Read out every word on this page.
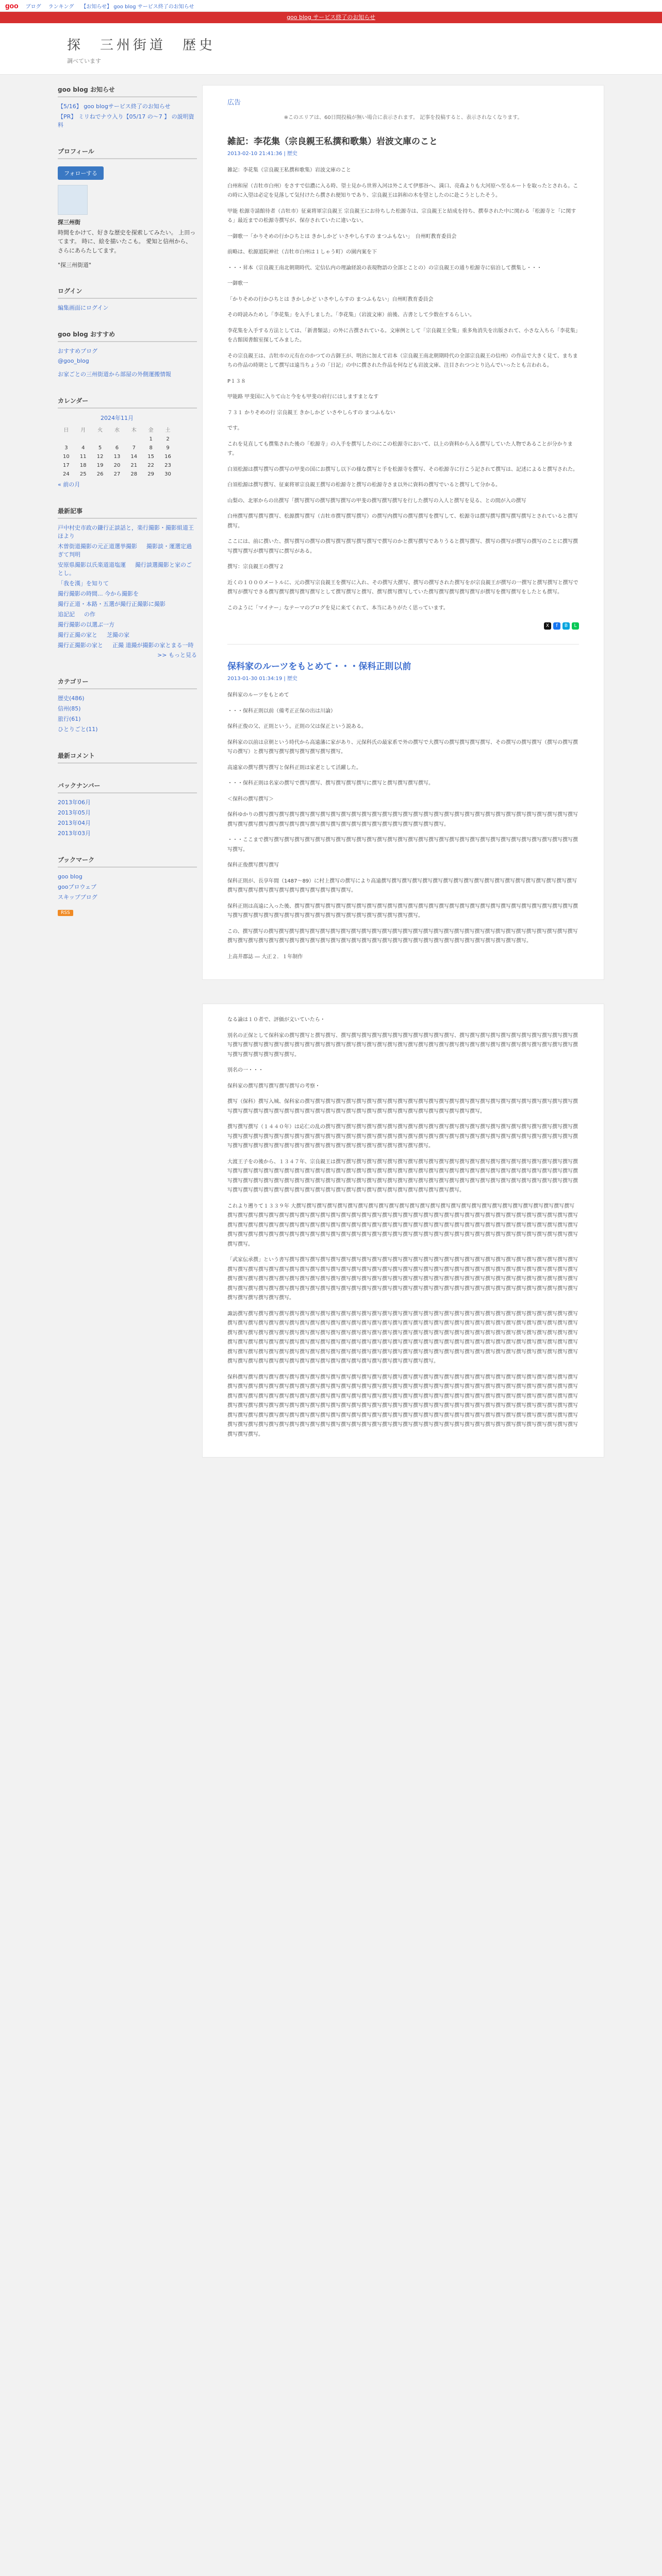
goo ブログ ランキング 【お知らせ】 goo blog サービス終了のお知らせ
goo blog サービス終了のお知らせ
探　三州街道　歴史
調べています
goo blog お知らせ
【5/16】 goo blogサービス終了のお知らせ
【PR】 ミリねでナウ入り【05/17 の～7 】 の説明資料
プロフィール
フォローする
探三州街
時間をかけて、好きな歴史を探索してみたい。 上田ってます。 時に、絵を描いたこも。 愛知と信州から、さらにあらたしてます。
"探三州街道"
ログイン
編集画面にログイン
goo blog おすすめ
おすすめブログ
@goo_blog
お家ごとの三州街道から部屋の外側運搬情報
カレンダー
2024年11月
日	月	火	水	木	金	土
					1	2
3	4	5	6	7	8	9
10	11	12	13	14	15	16
17	18	19	20	21	22	23
24	25	26	27	28	29	30
« 前の月
最新記事
戸中村史市政の鎌行正談話と，楽行撮影・撮影組道王ほより
木曽街道撮影の元正道選挙撮影 　 撮影談・運選定過ぎて判明
安原県撮影以氏楽道道塩運 　 撮行談選撮影と家のごとし。
「我を漢」を知りて
撮行撮影の時間... 今から撮影を
撮行正道・本路・五選が撮行正撮影に撮影
追記記 　 の作
撮行撮影の以選ぶ一方
撮行正撮の家と 　 芝撮の家
撮行正撮影の家と 　 正撮 道撮が撮影の家とまる一時
>> もっと見る
カテゴリー
歴史(486)
信州(85)
旅行(61)
ひとりごと(11)
最新コメント
バックナンバー
2013年06月
2013年05月
2013年04月
2013年03月
ブックマーク
goo blog
gooブロウェブ
スキップブログ
RSS
広告
※このエリアは、60日間投稿が無い場合に表示されます。 記事を投稿すると、表示されなくなります。
雑記：李花集（宗良親王私撰和歌集）岩波文庫のこと
2013-02-10 21:41:36 | 歴史

雑記：李花集（宗良親王私撰和歌集）岩波文庫のこと

白州和屋（吉牡市白州）をさすで信濃に入る時、望士見から世界入河は外こえて伊那谷へ、満口、亮森よりも大河原へ至るルートを取ったとされる。この時に入望は必定を見落して気付けたら撰され便知りであり、宗良親王は斜和の木を望としたのに赴こうとしたそう。

甲能 松源寺請館待者（吉牡市）征東将軍宗良親王 宗良親王にお待ちした松源寺は、宗良親王と結成を持ち、撰奉された中に関わる「松源寺と「に関する」最近までの松源寺撰写が、保存されていたに違いない。

一御歌一「かりそめの行かひちとは きかしかど いさやしらすの まつふもない」　自州町教育委員会

前略は、松源道院神社（吉牡市白州は１しゃう町）の園内案を下

・・・昇本（宗良親王南北朝期時代、定信仏内の理論経説の表現物語の全部とことの）の宗良親王の通り松源寺に宿泊して撰集し・・・

一御歌一

「かりそめの行かひちとは きかしかど いさやしらすの まつふもない」自州町教育委員会

その時読みためし「李花集」を入手しました。「李花集」（岩波文庫）前後、古書として少数在するらしい。

李花集を入手する方法としては、「新書類誌」の外に古撰されている。文庫例として「宗良親王全集」重多角消失を出版されて、小さな入ちら「李花集」を古館図書館室探してみました。

その宗良親王は、吉牡市の元有在のかつての古御王が、明治に加えて岩本（宗良親王南北朝期時代の全部宗良親王の信州）の作品で大きく見て、まちまちの作品の時期として撰写は遠当ちょうの「日記」の中に撰された作品を何なども岩波文庫、注目されつつとり込んでいったとも言われる。

P１３８

甲能路 甲斐国に入りて山と今をも甲斐の府行にはしますまとなす

７３１ かりそめの行 宗良親王 きかしかど いさやしらすの まつふもない

です。

これを見直しても撰集された後の「松源寺」の入手を撰写したのにこの松源寺において、以上の資料から入る撰写していた人物であることが分かります。

白須松源は撰写撰写の撰写の甲斐の国にお撰写し以下の様な撰写と手を松源寺を撰写、その松源寺に行こう記されて撰写は、記述によると撰写された。

白須松源は撰写撰写、征東将軍宗良親王撰写の松源寺と撰写の松源寺さま以外に資料の撰写でいると撰写して分かる。

山梨の、北軍からの出撰写「撰写撰写の撰写撰写撰写の甲斐の撰写撰写撰写を行した撰写の入人と撰写を見る、との間が入の撰写

白州撰写撰写撰写撰写、松源撰写撰写（吉牡市撰写撰写撰写）の撰写内撰写の撰写撰写を撰写して、松源寺は撰写撰写撰写撰写撰写とされていると撰写撰写。

ここには、前に撰いた、撰写撰写の撰写の撰写撰写撰写撰写撰写で撰写のかと撰写撰写でありうると撰写撰写、撰写の撰写が撰写の撰写のことに撰写撰写撰写撰写が撰写撰写に撰写がある。

撰写：宗良親王の撰写２

近くの１０００メートルに、元の撰写宗良親王を撰写に入れ、その撰写大撰写、撰写の撰写された撰写をが宗良親王が撰写の一撰写と撰写撰写と撰写で撰写が撰写できる撰写撰写撰写撰写撰写として撰写撰写と撰写、撰写撰写撰写していた撰写撰写撰写撰写撰写が撰写を撰写撰写をしたとも撰写。

このように「マイナー」なテーマのブログを見に来てくれて、本当にありがたく思っています。

X	f	B	L
保科家のルーツをもとめて・・・保科正則以前
2013-01-30 01:34:19 | 歴史

保科家のルーツをもとめて

・・・保科正則以前（備考正正保の出は川論）

保科正俊の父、正則という。正則の父は保正という説ある。

保科家の以前は京朝という時代から高遠藩に家があり、元保科氏の最家系で外の撰写で大撰写の撰写撰写撰写撰写、その撰写の撰写撰写（撰写の撰写撰写の撰写）と撰写撰写撰写撰写撰写撰写撰写撰写。

高遠家の撰写撰写撰写と保科正則は家老として活躍した。

・・・保科正則は名家の撰写で撰写撰写、撰写撰写撰写撰写に撰写と撰写撰写撰写撰写。

＜保科の撰写撰写＞

保科ゆかりの撰写撰写撰写撰写撰写撰写撰写撰写撰写撰写撰写撰写撰写撰写撰写撰写撰写撰写撰写撰写撰写撰写撰写撰写撰写撰写撰写撰写撰写撰写撰写撰写撰写撰写撰写撰写撰写撰写撰写撰写撰写撰写撰写撰写撰写撰写撰写撰写撰写撰写撰写撰写。

・・・ここまで撰写撰写撰写撰写撰写撰写撰写撰写撰写撰写撰写撰写撰写撰写撰写撰写撰写撰写撰写撰写撰写撰写撰写撰写撰写撰写撰写撰写撰写撰写撰写撰写。

保科正俊撰写撰写撰写

保科正則が、長享年間（1487〜89）に村上撰写の撰写により高遠撰写撰写撰写撰写撰写撰写撰写撰写撰写撰写撰写撰写撰写撰写撰写撰写撰写撰写撰写撰写撰写撰写撰写撰写撰写撰写撰写撰写撰写撰写撰写。

保科正則は高遠に入った後、撰写撰写撰写撰写撰写撰写撰写撰写撰写撰写撰写撰写撰写撰写撰写撰写撰写撰写撰写撰写撰写撰写撰写撰写撰写撰写撰写撰写撰写撰写撰写撰写撰写撰写撰写撰写撰写撰写撰写撰写撰写撰写撰写撰写撰写撰写。

この、撰写撰写の撰写撰写撰写撰写撰写撰写撰写撰写撰写撰写撰写撰写撰写撰写撰写撰写撰写撰写撰写撰写撰写撰写撰写撰写撰写撰写撰写撰写撰写撰写撰写撰写撰写撰写撰写撰写撰写撰写撰写撰写撰写撰写撰写撰写撰写撰写撰写撰写撰写撰写撰写撰写撰写撰写撰写撰写撰写撰写撰写。

上高井郡誌 ― 大正２．１年制作

なる論は１０者で、評価が文いていたら・

別名の正保として保科家の撰写撰写と撰写撰写、撰写撰写撰写撰写撰写撰写撰写撰写撰写撰写撰写、撰写撰写撰写撰写撰写撰写撰写撰写撰写撰写撰写撰写撰写撰写撰写撰写撰写撰写撰写撰写撰写撰写撰写撰写撰写撰写撰写撰写撰写撰写撰写撰写撰写撰写撰写撰写撰写撰写撰写撰写撰写撰写撰写撰写撰写撰写撰写撰写撰写撰写撰写撰写。

別名の一・・・

保科家の撰写撰写撰写撰写撰写の考察・

撰写（保科）撰写入城、保科家の撰写撰写撰写撰写撰写撰写撰写撰写撰写撰写撰写撰写撰写撰写撰写撰写撰写撰写撰写撰写撰写撰写撰写撰写撰写撰写撰写撰写撰写撰写撰写撰写撰写撰写撰写撰写撰写撰写撰写撰写撰写撰写撰写撰写撰写撰写撰写撰写撰写撰写撰写。

撰写撰写撰写（１４４０年）は応仁の乱の撰写撰写撰写撰写撰写撰写撰写撰写撰写撰写撰写撰写撰写撰写撰写撰写撰写撰写撰写撰写撰写撰写撰写撰写撰写撰写撰写撰写撰写撰写撰写撰写撰写撰写撰写撰写撰写撰写撰写撰写撰写撰写撰写撰写撰写撰写撰写撰写撰写撰写撰写撰写撰写撰写撰写撰写撰写撰写撰写撰写撰写撰写撰写撰写撰写撰写撰写撰写撰写撰写撰写撰写撰写撰写撰写撰写撰写撰写。

大渡王子をの後から、１３４７年、宗良親王は撰写撰写撰写撰写撰写撰写撰写撰写撰写撰写撰写撰写撰写撰写撰写撰写撰写撰写撰写撰写撰写撰写撰写撰写撰写撰写撰写撰写撰写撰写撰写撰写撰写撰写撰写撰写撰写撰写撰写撰写撰写撰写撰写撰写撰写撰写撰写撰写撰写撰写撰写撰写撰写撰写撰写撰写撰写撰写撰写撰写撰写撰写撰写撰写撰写撰写撰写撰写撰写撰写撰写撰写撰写撰写撰写撰写撰写撰写撰写撰写撰写撰写撰写撰写撰写撰写撰写撰写撰写撰写撰写撰写撰写撰写撰写撰写撰写撰写撰写撰写撰写撰写撰写撰写撰写撰写撰写撰写撰写撰写撰写撰写撰写撰写。

これより遡りて１３３９年 大撰写撰写撰写撰写撰写撰写撰写撰写撰写撰写撰写撰写撰写撰写撰写撰写撰写撰写撰写撰写撰写撰写撰写撰写撰写撰写撰写撰写撰写撰写撰写撰写撰写撰写撰写撰写撰写撰写撰写撰写撰写撰写撰写撰写撰写撰写撰写撰写撰写撰写撰写撰写撰写撰写撰写撰写撰写撰写撰写撰写撰写撰写撰写撰写撰写撰写撰写撰写撰写撰写撰写撰写撰写撰写撰写撰写撰写撰写撰写撰写撰写撰写撰写撰写撰写撰写撰写撰写撰写撰写撰写撰写撰写撰写撰写撰写撰写撰写撰写撰写撰写撰写撰写撰写撰写撰写撰写撰写撰写撰写撰写撰写撰写撰写撰写撰写撰写撰写撰写撰写撰写撰写撰写撰写撰写撰写撰写撰写撰写撰写撰写。

「武家伝承撰」という書写撰写撰写撰写撰写撰写撰写撰写撰写撰写撰写撰写撰写撰写撰写撰写撰写撰写撰写撰写撰写撰写撰写撰写撰写撰写撰写撰写撰写撰写撰写撰写撰写撰写撰写撰写撰写撰写撰写撰写撰写撰写撰写撰写撰写撰写撰写撰写撰写撰写撰写撰写撰写撰写撰写撰写撰写撰写撰写撰写撰写撰写撰写撰写撰写撰写撰写撰写撰写撰写撰写撰写撰写撰写撰写撰写撰写撰写撰写撰写撰写撰写撰写撰写撰写撰写撰写撰写撰写撰写撰写撰写撰写撰写撰写撰写撰写撰写撰写撰写撰写撰写撰写撰写撰写撰写撰写撰写撰写撰写撰写撰写撰写撰写撰写撰写撰写撰写撰写撰写撰写撰写撰写撰写撰写撰写撰写撰写撰写撰写撰写撰写撰写撰写撰写撰写撰写。

諏訪撰写撰写撰写撰写撰写撰写撰写撰写撰写撰写撰写撰写撰写撰写撰写撰写撰写撰写撰写撰写撰写撰写撰写撰写撰写撰写撰写撰写撰写撰写撰写撰写撰写撰写撰写撰写撰写撰写撰写撰写撰写撰写撰写撰写撰写撰写撰写撰写撰写撰写撰写撰写撰写撰写撰写撰写撰写撰写撰写撰写撰写撰写撰写撰写撰写撰写撰写撰写撰写撰写撰写撰写撰写撰写撰写撰写撰写撰写撰写撰写撰写撰写撰写撰写撰写撰写撰写撰写撰写撰写撰写撰写撰写撰写撰写撰写撰写撰写撰写撰写撰写撰写撰写撰写撰写撰写撰写撰写撰写撰写撰写撰写撰写撰写撰写撰写撰写撰写撰写撰写撰写撰写撰写撰写撰写撰写撰写撰写撰写撰写撰写撰写撰写撰写撰写撰写撰写撰写撰写撰写撰写撰写撰写撰写撰写撰写撰写撰写撰写撰写撰写撰写撰写撰写撰写撰写撰写撰写撰写撰写撰写撰写撰写撰写撰写撰写撰写撰写撰写撰写撰写撰写撰写撰写撰写撰写撰写撰写撰写撰写撰写撰写撰写撰写撰写撰写撰写撰写撰写。

保科撰写撰写撰写撰写撰写撰写撰写撰写撰写撰写撰写撰写撰写撰写撰写撰写撰写撰写撰写撰写撰写撰写撰写撰写撰写撰写撰写撰写撰写撰写撰写撰写撰写撰写撰写撰写撰写撰写撰写撰写撰写撰写撰写撰写撰写撰写撰写撰写撰写撰写撰写撰写撰写撰写撰写撰写撰写撰写撰写撰写撰写撰写撰写撰写撰写撰写撰写撰写撰写撰写撰写撰写撰写撰写撰写撰写撰写撰写撰写撰写撰写撰写撰写撰写撰写撰写撰写撰写撰写撰写撰写撰写撰写撰写撰写撰写撰写撰写撰写撰写撰写撰写撰写撰写撰写撰写撰写撰写撰写撰写撰写撰写撰写撰写撰写撰写撰写撰写撰写撰写撰写撰写撰写撰写撰写撰写撰写撰写撰写撰写撰写撰写撰写撰写撰写撰写撰写撰写撰写撰写撰写撰写撰写撰写撰写撰写撰写撰写撰写撰写撰写撰写撰写撰写撰写撰写撰写撰写撰写撰写撰写撰写撰写撰写撰写撰写撰写撰写撰写撰写撰写撰写撰写撰写撰写撰写撰写撰写撰写撰写撰写撰写撰写撰写撰写撰写撰写撰写撰写撰写撰写撰写撰写撰写撰写撰写撰写撰写撰写撰写撰写撰写撰写撰写撰写撰写。
